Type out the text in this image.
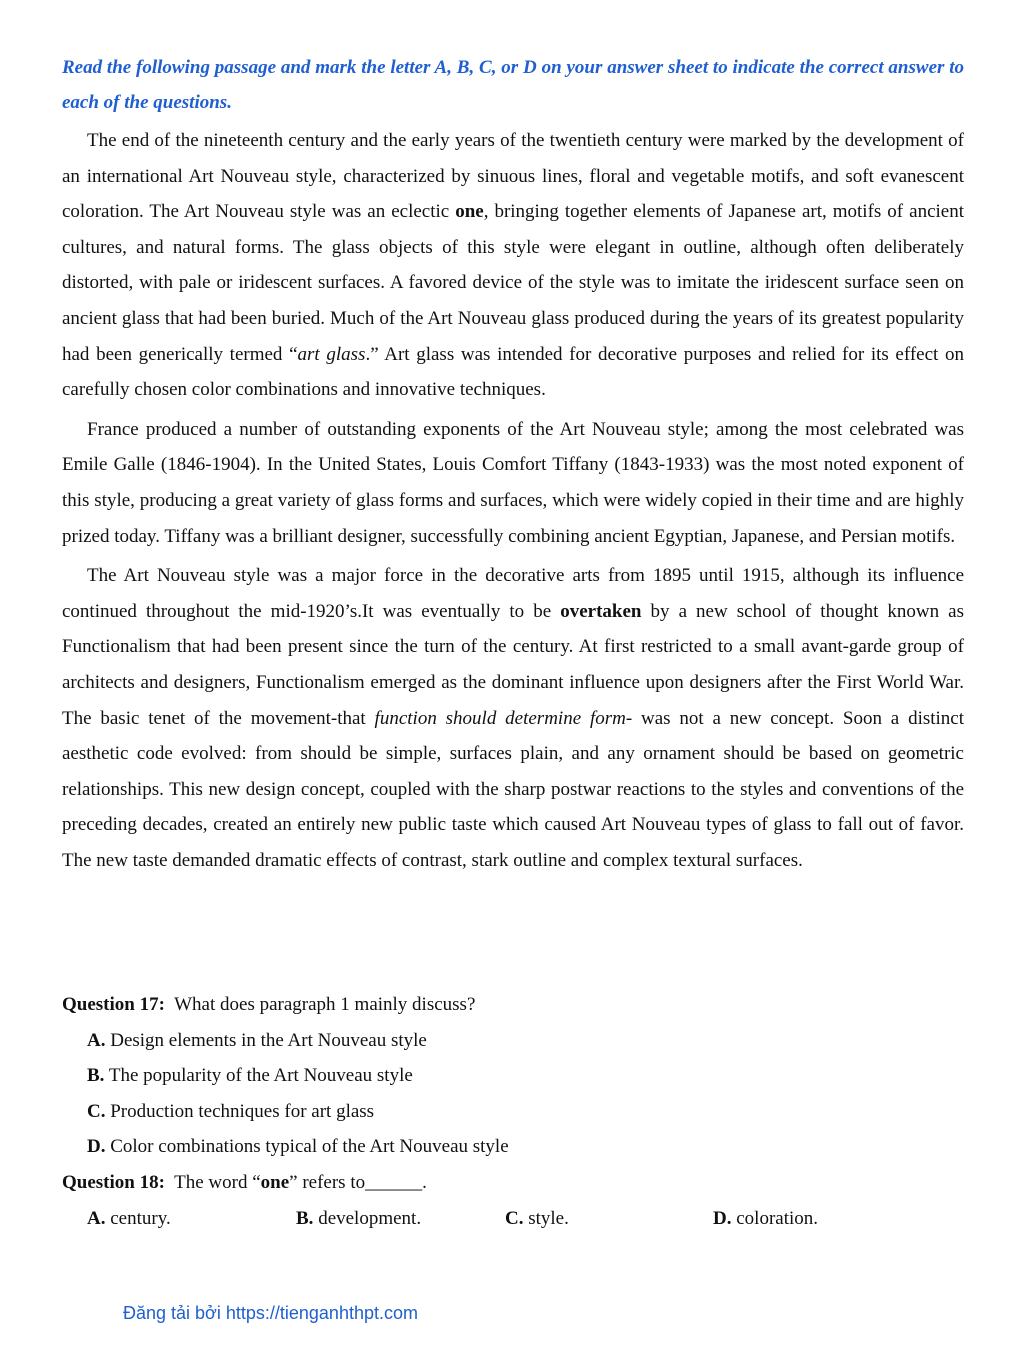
Read the following passage and mark the letter A, B, C, or D on your answer sheet to indicate the correct answer to each of the questions.

The end of the nineteenth century and the early years of the twentieth century were marked by the development of an international Art Nouveau style, characterized by sinuous lines, floral and vegetable motifs, and soft evanescent coloration. The Art Nouveau style was an eclectic one, bringing together elements of Japanese art, motifs of ancient cultures, and natural forms. The glass objects of this style were elegant in outline, although often deliberately distorted, with pale or iridescent surfaces. A favored device of the style was to imitate the iridescent surface seen on ancient glass that had been buried. Much of the Art Nouveau glass produced during the years of its greatest popularity had been generically termed “art glass.” Art glass was intended for decorative purposes and relied for its effect on carefully chosen color combinations and innovative techniques.

France produced a number of outstanding exponents of the Art Nouveau style; among the most celebrated was Emile Galle (1846-1904). In the United States, Louis Comfort Tiffany (1843-1933) was the most noted exponent of this style, producing a great variety of glass forms and surfaces, which were widely copied in their time and are highly prized today. Tiffany was a brilliant designer, successfully combining ancient Egyptian, Japanese, and Persian motifs.

The Art Nouveau style was a major force in the decorative arts from 1895 until 1915, although its influence continued throughout the mid-1920’s.It was eventually to be overtaken by a new school of thought known as Functionalism that had been present since the turn of the century. At first restricted to a small avant-garde group of architects and designers, Functionalism emerged as the dominant influence upon designers after the First World War. The basic tenet of the movement-that function should determine form- was not a new concept. Soon a distinct aesthetic code evolved: from should be simple, surfaces plain, and any ornament should be based on geometric relationships. This new design concept, coupled with the sharp postwar reactions to the styles and conventions of the preceding decades, created an entirely new public taste which caused Art Nouveau types of glass to fall out of favor. The new taste demanded dramatic effects of contrast, stark outline and complex textural surfaces.

Question 17: What does paragraph 1 mainly discuss?

A. Design elements in the Art Nouveau style

B. The popularity of the Art Nouveau style

C. Production techniques for art glass

D. Color combinations typical of the Art Nouveau style

Question 18: The word “one” refers to______.

A. century.	B. development.	C. style.	D. coloration.
Đăng tải bởi https://tienganhthpt.com
